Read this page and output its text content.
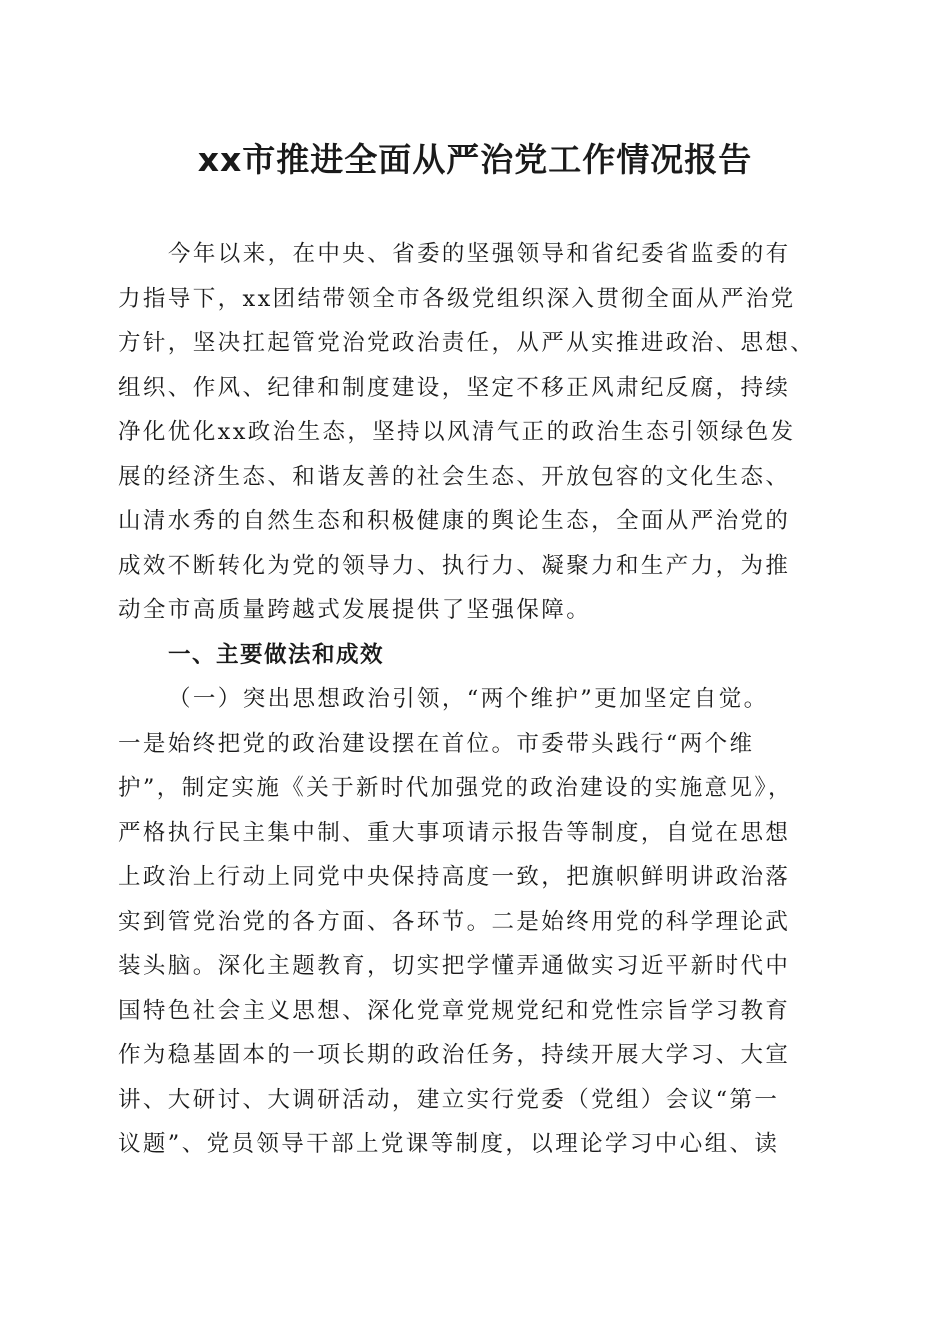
xx市推进全面从严治党工作情况报告
今年以来，在中央、省委的坚强领导和省纪委省监委的有
力指导下，xx团结带领全市各级党组织深入贯彻全面从严治党
方针，坚决扛起管党治党政治责任，从严从实推进政治、思想、
组织、作风、纪律和制度建设，坚定不移正风肃纪反腐，持续
净化优化xx政治生态，坚持以风清气正的政治生态引领绿色发
展的经济生态、和谐友善的社会生态、开放包容的文化生态、
山清水秀的自然生态和积极健康的舆论生态，全面从严治党的
成效不断转化为党的领导力、执行力、凝聚力和生产力，为推
动全市高质量跨越式发展提供了坚强保障。
一、主要做法和成效
（一）突出思想政治引领，“两个维护”更加坚定自觉。
一是始终把党的政治建设摆在首位。市委带头践行“两个维
护”，制定实施《关于新时代加强党的政治建设的实施意见》，
严格执行民主集中制、重大事项请示报告等制度，自觉在思想
上政治上行动上同党中央保持高度一致，把旗帜鲜明讲政治落
实到管党治党的各方面、各环节。二是始终用党的科学理论武
装头脑。深化主题教育，切实把学懂弄通做实习近平新时代中
国特色社会主义思想、深化党章党规党纪和党性宗旨学习教育
作为稳基固本的一项长期的政治任务，持续开展大学习、大宣
讲、大研讨、大调研活动，建立实行党委（党组）会议“第一
议题”、党员领导干部上党课等制度，以理论学习中心组、读
